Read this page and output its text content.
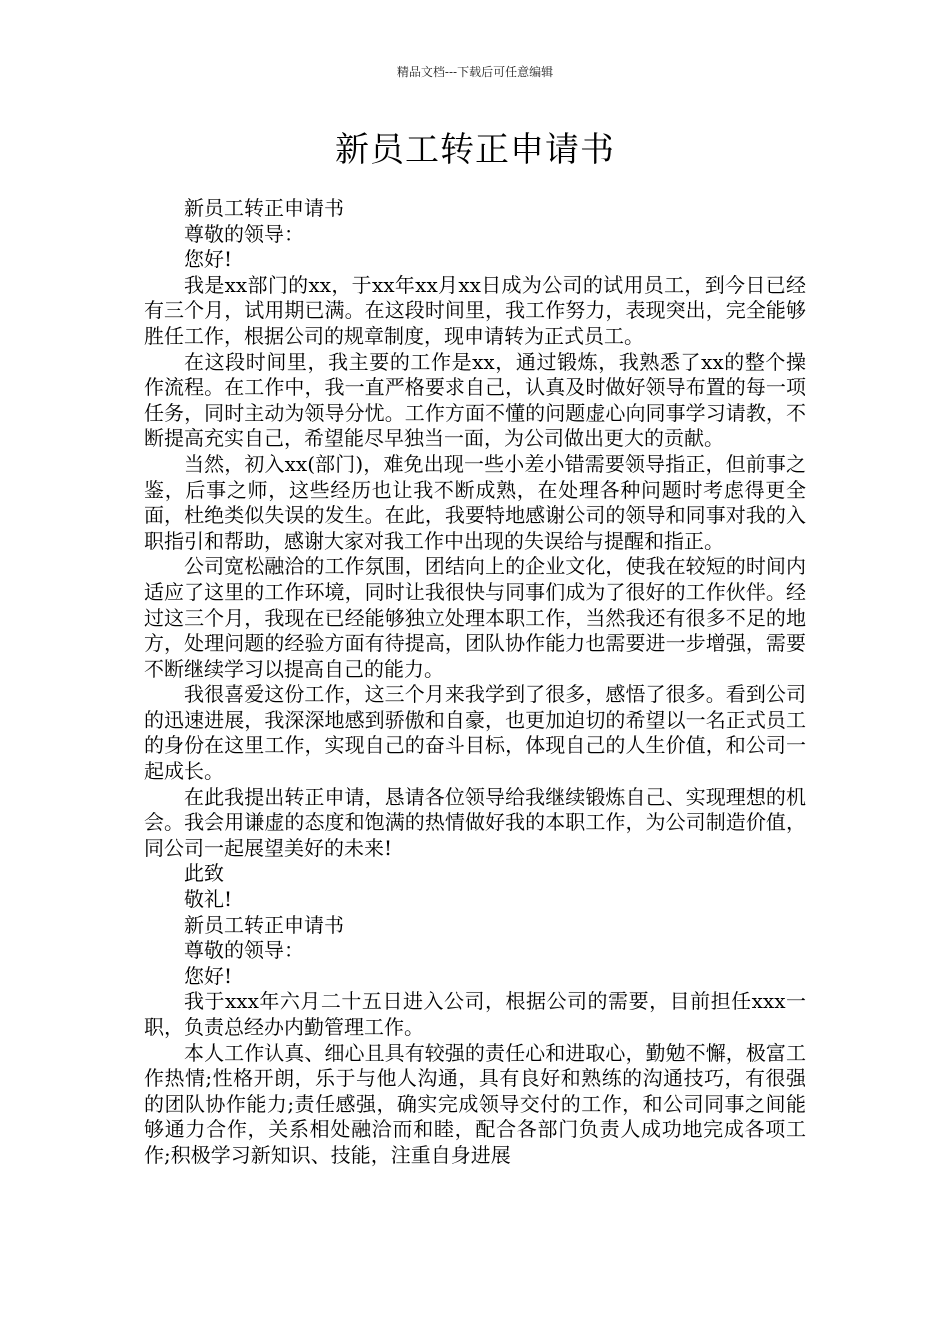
精品文档---下载后可任意编辑
新员工转正申请书

新员工转正申请书

尊敬的领导：

您好!

我是xx部门的xx，于xx年xx月xx日成为公司的试用员工，到今日已经有三个月，试用期已满。在这段时间里，我工作努力，表现突出，完全能够胜任工作，根据公司的规章制度，现申请转为正式员工。

在这段时间里，我主要的工作是xx，通过锻炼，我熟悉了xx的整个操作流程。在工作中，我一直严格要求自己，认真及时做好领导布置的每一项任务，同时主动为领导分忧。工作方面不懂的问题虚心向同事学习请教，不断提高充实自己，希望能尽早独当一面，为公司做出更大的贡献。

当然，初入xx(部门)，难免出现一些小差小错需要领导指正，但前事之鉴，后事之师，这些经历也让我不断成熟，在处理各种问题时考虑得更全面，杜绝类似失误的发生。在此，我要特地感谢公司的领导和同事对我的入职指引和帮助，感谢大家对我工作中出现的失误给与提醒和指正。

公司宽松融洽的工作氛围，团结向上的企业文化，使我在较短的时间内适应了这里的工作环境，同时让我很快与同事们成为了很好的工作伙伴。经过这三个月，我现在已经能够独立处理本职工作，当然我还有很多不足的地方，处理问题的经验方面有待提高，团队协作能力也需要进一步增强，需要不断继续学习以提高自己的能力。

我很喜爱这份工作，这三个月来我学到了很多，感悟了很多。看到公司的迅速进展，我深深地感到骄傲和自豪，也更加迫切的希望以一名正式员工的身份在这里工作，实现自己的奋斗目标，体现自己的人生价值，和公司一起成长。

在此我提出转正申请，恳请各位领导给我继续锻炼自己、实现理想的机会。我会用谦虚的态度和饱满的热情做好我的本职工作，为公司制造价值，同公司一起展望美好的未来!

此致

敬礼!

新员工转正申请书

尊敬的领导：

您好!

我于xxx年六月二十五日进入公司，根据公司的需要，目前担任xxx一职，负责总经办内勤管理工作。

本人工作认真、细心且具有较强的责任心和进取心，勤勉不懈，极富工作热情;性格开朗，乐于与他人沟通，具有良好和熟练的沟通技巧，有很强的团队协作能力;责任感强，确实完成领导交付的工作，和公司同事之间能够通力合作，关系相处融洽而和睦，配合各部门负责人成功地完成各项工作;积极学习新知识、技能，注重自身进展
